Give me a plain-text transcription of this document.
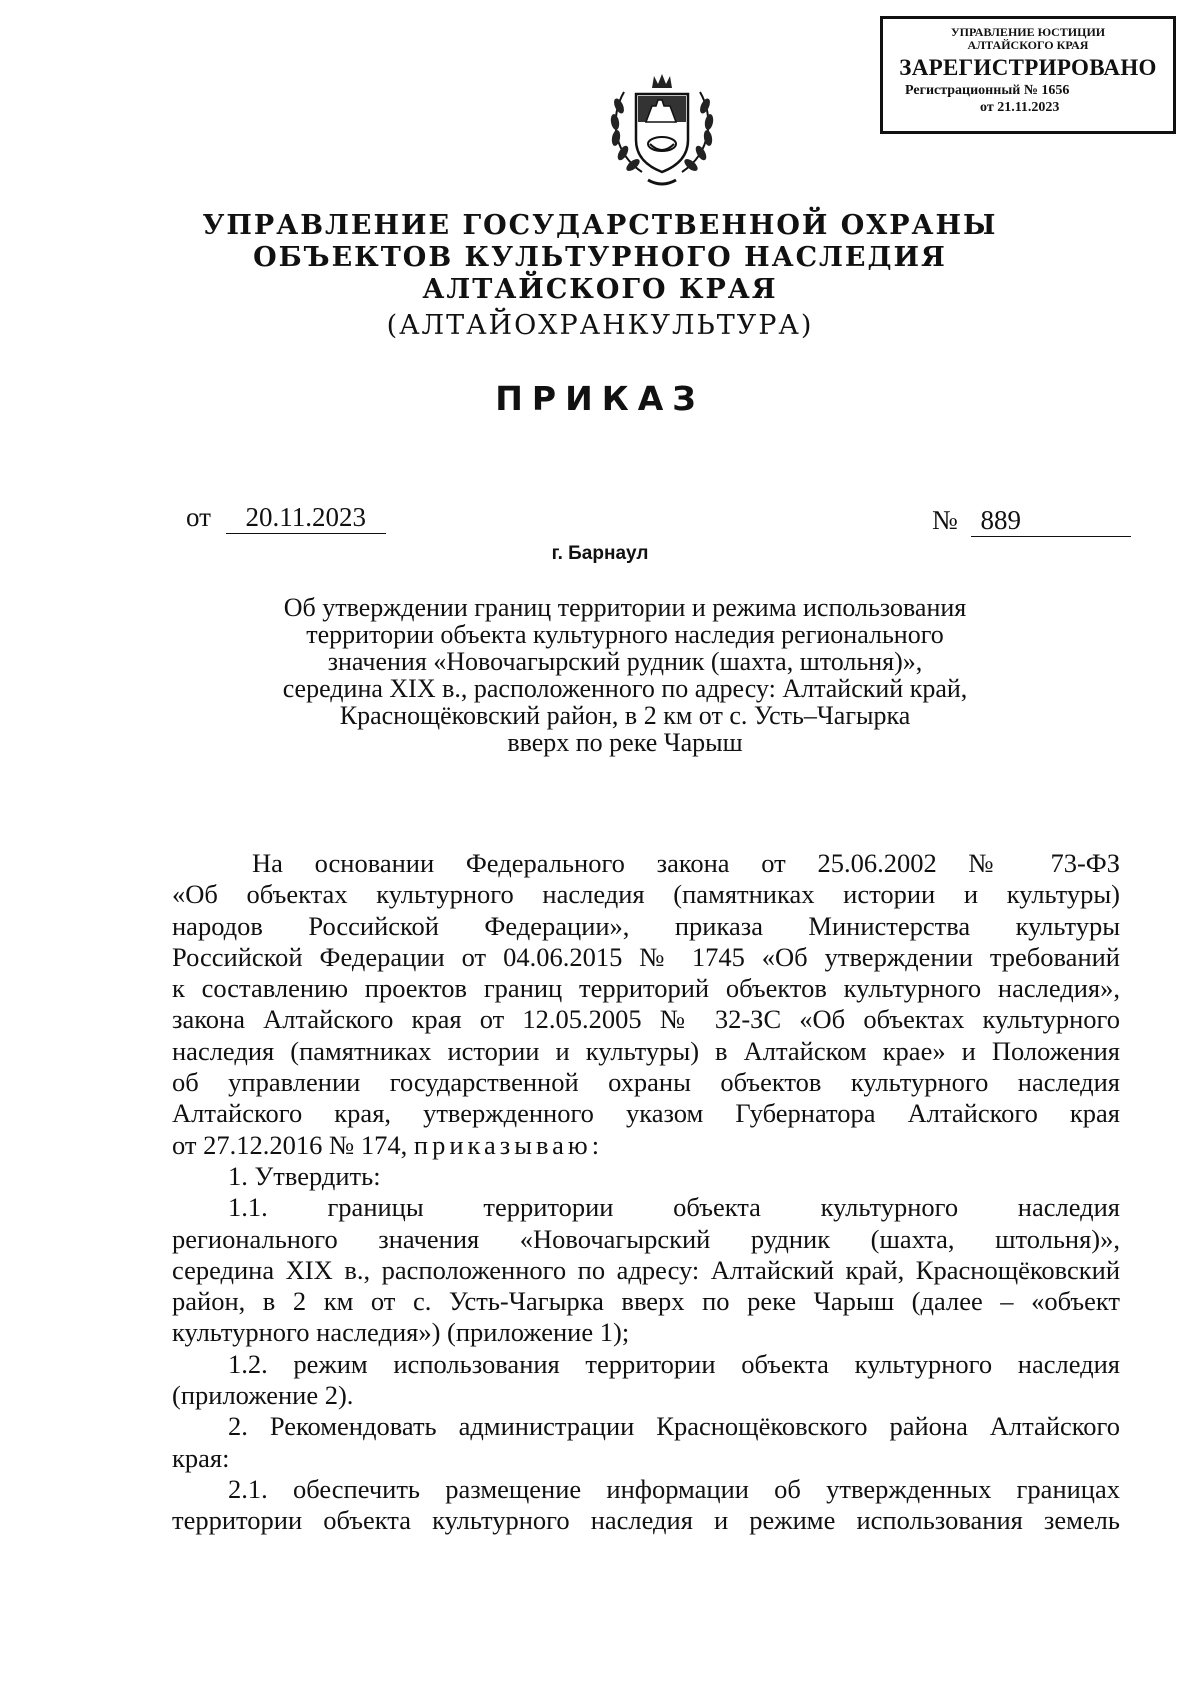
УПРАВЛЕНИЕ ЮСТИЦИИ
АЛТАЙСКОГО КРАЯ
ЗАРЕГИСТРИРОВАНО
Регистрационный № 1656
от 21.11.2023
УПРАВЛЕНИЕ ГОСУДАРСТВЕННОЙ ОХРАНЫ
ОБЪЕКТОВ КУЛЬТУРНОГО НАСЛЕДИЯ
АЛТАЙСКОГО КРАЯ
(АЛТАЙОХРАНКУЛЬТУРА)
ПРИКАЗ
от 20.11.2023	№ 889
г. Барнаул
Об утверждении границ территории и режима использования
территории объекта культурного наследия регионального
значения «Новочагырский рудник (шахта, штольня)»,
середина XIX в., расположенного по адресу: Алтайский край,
Краснощёковский район, в 2 км от с. Усть–Чагырка
вверх по реке Чарыш
На основании Федерального закона от 25.06.2002 № 73-ФЗ
«Об объектах культурного наследия (памятниках истории и культуры)
народов Российской Федерации», приказа Министерства культуры
Российской Федерации от 04.06.2015 № 1745 «Об утверждении требований
к составлению проектов границ территорий объектов культурного наследия»,
закона Алтайского края от 12.05.2005 № 32-ЗС «Об объектах культурного
наследия (памятниках истории и культуры) в Алтайском крае» и Положения
об управлении государственной охраны объектов культурного наследия
Алтайского края, утвержденного указом Губернатора Алтайского края
от 27.12.2016 № 174, приказываю:
1. Утвердить:
1.1. границы территории объекта культурного наследия
регионального значения «Новочагырский рудник (шахта, штольня)»,
середина XIX в., расположенного по адресу: Алтайский край, Краснощёковский
район, в 2 км от с. Усть-Чагырка вверх по реке Чарыш (далее – «объект
культурного наследия») (приложение 1);
1.2. режим использования территории объекта культурного наследия
(приложение 2).
2. Рекомендовать администрации Краснощёковского района Алтайского
края:
2.1. обеспечить размещение информации об утвержденных границах
территории объекта культурного наследия и режиме использования земель
